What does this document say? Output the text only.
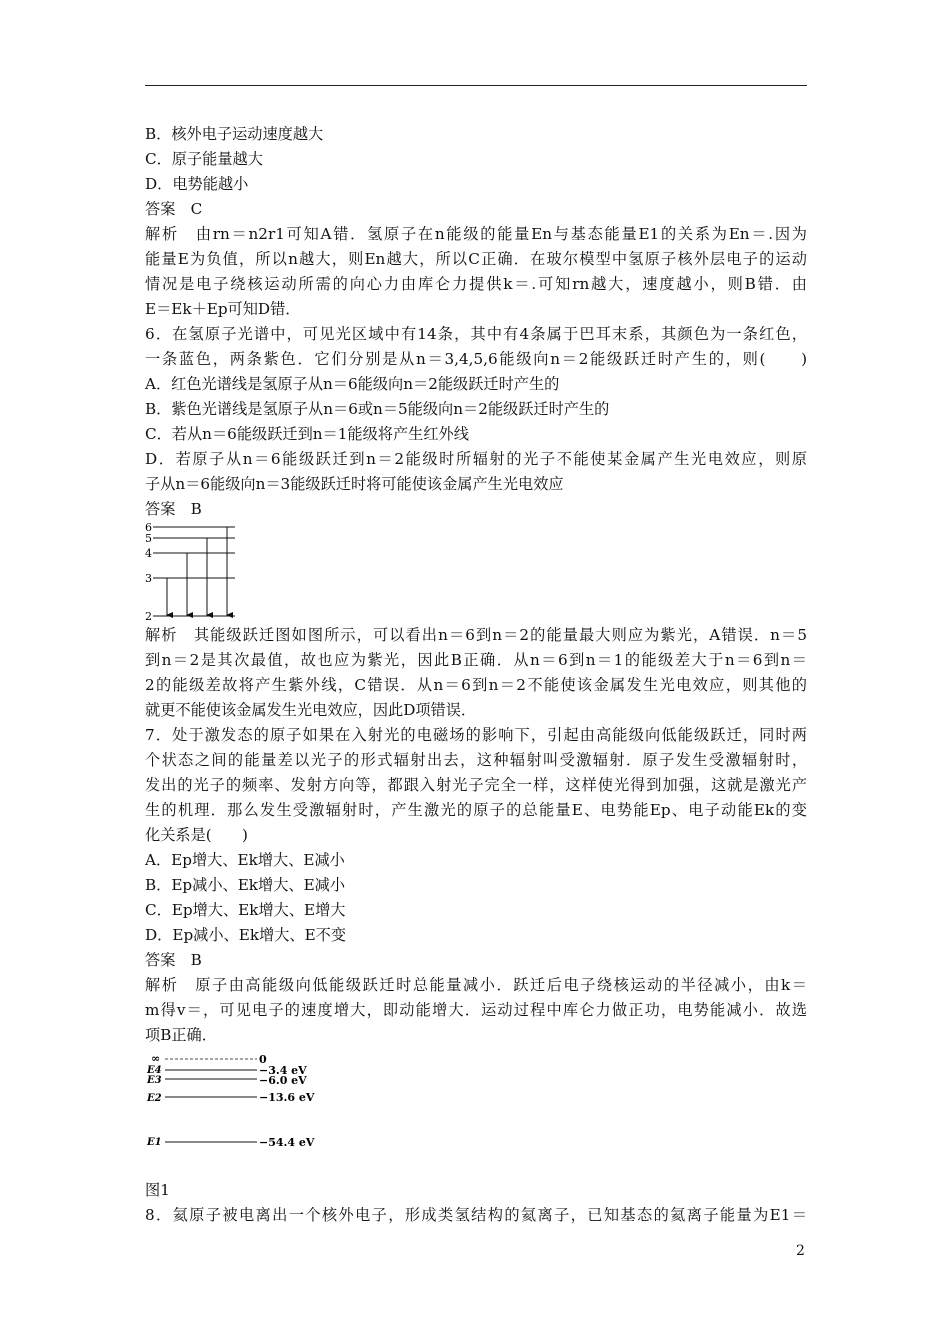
B．核外电子运动速度越大
C．原子能量越大
D．电势能越小
答案　C
解析　由rn＝n2r1可知A错．氢原子在n能级的能量En与基态能量E1的关系为En＝.因为
能量E为负值，所以n越大，则En越大，所以C正确．在玻尔模型中氢原子核外层电子的运动
情况是电子绕核运动所需的向心力由库仑力提供k＝.可知rn越大，速度越小，则B错．由
E＝Ek＋Ep可知D错．
6．在氢原子光谱中，可见光区域中有14条，其中有4条属于巴耳末系，其颜色为一条红色，
一条蓝色，两条紫色．它们分别是从n＝3,4,5,6能级向n＝2能级跃迁时产生的，则(　　)
A．红色光谱线是氢原子从n＝6能级向n＝2能级跃迁时产生的
B．紫色光谱线是氢原子从n＝6或n＝5能级向n＝2能级跃迁时产生的
C．若从n＝6能级跃迁到n＝1能级将产生红外线
D．若原子从n＝6能级跃迁到n＝2能级时所辐射的光子不能使某金属产生光电效应，则原
子从n＝6能级向n＝3能级跃迁时将可能使该金属产生光电效应
答案　B
6
5
4
3
2
解析　其能级跃迁图如图所示，可以看出n＝6到n＝2的能量最大则应为紫光，A错误．n＝5
到n＝2是其次最值，故也应为紫光，因此B正确．从n＝6到n＝1的能级差大于n＝6到n＝
2的能级差故将产生紫外线，C错误．从n＝6到n＝2不能使该金属发生光电效应，则其他的
就更不能使该金属发生光电效应，因此D项错误．
7．处于激发态的原子如果在入射光的电磁场的影响下，引起由高能级向低能级跃迁，同时两
个状态之间的能量差以光子的形式辐射出去，这种辐射叫受激辐射．原子发生受激辐射时，
发出的光子的频率、发射方向等，都跟入射光子完全一样，这样使光得到加强，这就是激光产
生的机理．那么发生受激辐射时，产生激光的原子的总能量E、电势能Ep、电子动能Ek的变
化关系是(　　)
A．Ep增大、Ek增大、E减小
B．Ep减小、Ek增大、E减小
C．Ep增大、Ek增大、E增大
D．Ep减小、Ek增大、E不变
答案　B
解析　原子由高能级向低能级跃迁时总能量减小．跃迁后电子绕核运动的半径减小，由k＝
m得v＝，可见电子的速度增大，即动能增大．运动过程中库仑力做正功，电势能减小．故选
项B正确．
∞	0
E4	−3.4 eV
E3	−6.0 eV
E2	−13.6 eV
E1	−54.4 eV
图1
8．氦原子被电离出一个核外电子，形成类氢结构的氦离子，已知基态的氦离子能量为E1＝
2
